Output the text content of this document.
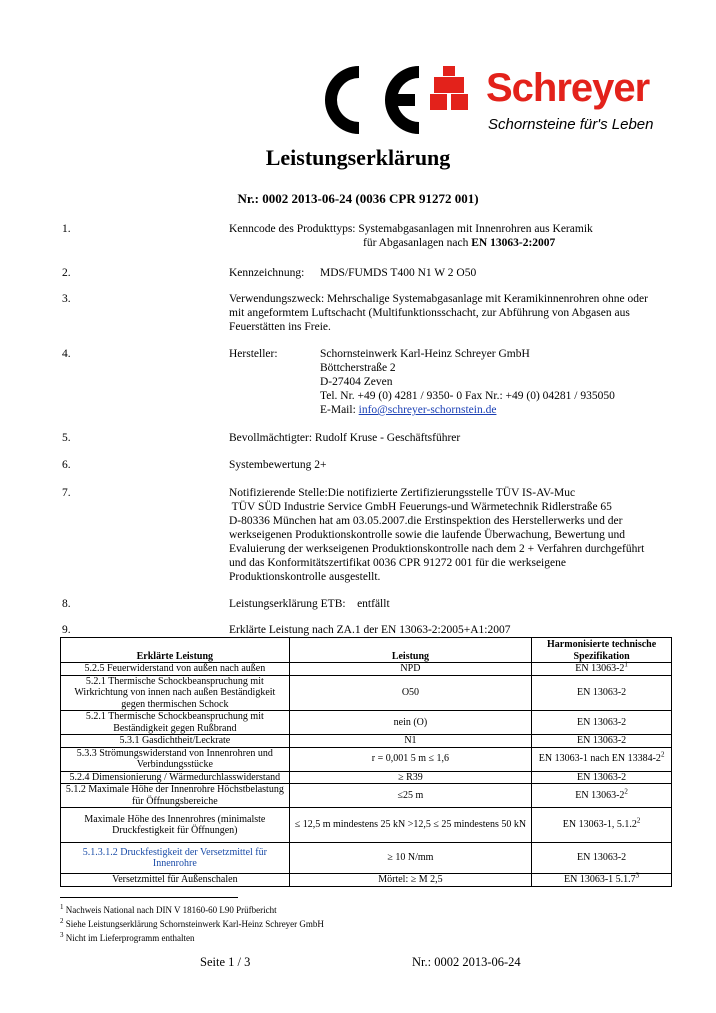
Schreyer
Schornsteine für's Leben
Leistungserklärung
Nr.: 0002 2013-06-24 (0036 CPR 91272 001)
1.	Kenncode des Produkttyps: Systemabgasanlagen mit Innenrohren aus Keramik
für Abgasanlagen nach EN 13063-2:2007
2.	Kennzeichnung: MDS/FUMDS T400 N1 W 2 O50
3.	Verwendungszweck: Mehrschalige Systemabgasanlage mit Keramikinnenrohren ohne oder
mit angeformtem Luftschacht (Multifunktionsschacht, zur Abführung von Abgasen aus
Feuerstätten ins Freie.
4.	Hersteller:	Schornsteinwerk Karl-Heinz Schreyer GmbH
Böttcherstraße 2
D-27404 Zeven
Tel. Nr. +49 (0) 4281 / 9350- 0 Fax Nr.: +49 (0) 04281 / 935050
E-Mail: info@schreyer-schornstein.de
5.	Bevollmächtigter: Rudolf Kruse - Geschäftsführer
6.	Systembewertung 2+
7.	Notifizierende Stelle:Die notifizierte Zertifizierungsstelle TÜV IS-AV-Muc
TÜV SÜD Industrie Service GmbH Feuerungs-und Wärmetechnik Ridlerstraße 65
D-80336 München hat am 03.05.2007.die Erstinspektion des Herstellerwerks und der
werkseigenen Produktionskontrolle sowie die laufende Überwachung, Bewertung und
Evaluierung der werkseigenen Produktionskontrolle nach dem 2 + Verfahren durchgeführt
und das Konformitätszertifikat 0036 CPR 91272 001 für die werkseigene
Produktionskontrolle ausgestellt.
8.	Leistungserklärung ETB:    entfällt
9.	Erklärte Leistung nach ZA.1 der EN 13063-2:2005+A1:2007
Erklärte Leistung	Leistung	Harmonisierte technische Spezifikation
5.2.5 Feuerwiderstand von außen nach außen	NPD	EN $13063-2^1$
5.2.1 Thermische Schockbeanspruchung mit Wirkrichtung von innen nach außen Beständigkeit gegen thermischen Schock	O50	EN 13063-2
5.2.1 Thermische Schockbeanspruchung mit Beständigkeit gegen Rußbrand	nein (O)	EN 13063-2
5.3.1 Gasdichtheit/Leckrate	N1	EN 13063-2
5.3.3 Strömungswiderstand von Innenrohren und Verbindungsstücke	r = 0,001 5 m ≤ 1,6	EN 13063-1 nach EN $13384-2^2$
5.2.4 Dimensionierung / Wärmedurchlasswiderstand	≥ R39	EN 13063-2
5.1.2 Maximale Höhe der Innenrohre Höchstbelastung für Öffnungsbereiche	≤25 m	EN $13063-2^2$
Maximale Höhe des Innenrohres (minimalste Druckfestigkeit für Öffnungen)	≤ 12,5 m mindestens 25 kN >12,5 ≤ 25 mindestens 50 kN	EN 13063-1, 5.1.2$^2$
5.1.3.1.2 Druckfestigkeit der Versetzmittel für Innenrohre	≥ 10 N/mm	EN 13063-2
Versetzmittel für Außenschalen	Mörtel: ≥ M 2,5	EN 13063-1 5.1.7$^3$
$^1$ Nachweis National nach DIN V 18160-60 L90 Prüfbericht
$^2$ Siehe Leistungserklärung Schornsteinwerk Karl-Heinz Schreyer GmbH
$^3$ Nicht im Lieferprogramm enthalten
Seite 1 / 3	Nr.: 0002 2013-06-24
